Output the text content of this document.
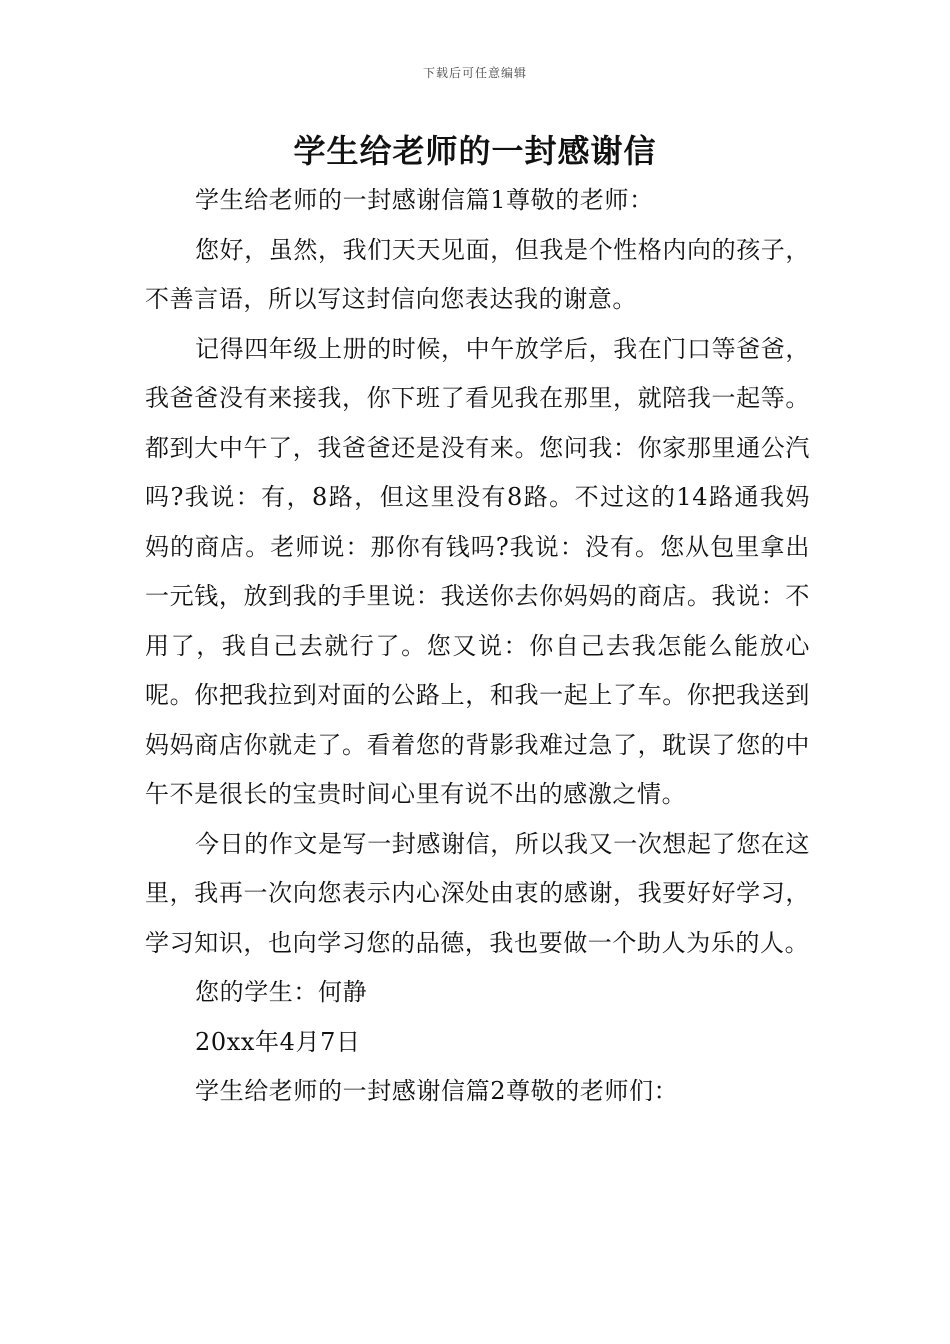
下载后可任意编辑
学生给老师的一封感谢信

学生给老师的一封感谢信篇1尊敬的老师：

您好，虽然，我们天天见面，但我是个性格内向的孩子，不善言语，所以写这封信向您表达我的谢意。

记得四年级上册的时候，中午放学后，我在门口等爸爸，我爸爸没有来接我，你下班了看见我在那里，就陪我一起等。都到大中午了，我爸爸还是没有来。您问我：你家那里通公汽吗?我说：有，8路，但这里没有8路。不过这的14路通我妈妈的商店。老师说：那你有钱吗?我说：没有。您从包里拿出一元钱，放到我的手里说：我送你去你妈妈的商店。我说：不用了，我自己去就行了。您又说：你自己去我怎能么能放心呢。你把我拉到对面的公路上，和我一起上了车。你把我送到妈妈商店你就走了。看着您的背影我难过急了，耽误了您的中午不是很长的宝贵时间心里有说不出的感激之情。

今日的作文是写一封感谢信，所以我又一次想起了您在这里，我再一次向您表示内心深处由衷的感谢，我要好好学习，学习知识，也向学习您的品德，我也要做一个助人为乐的人。

您的学生：何静

20xx年4月7日

学生给老师的一封感谢信篇2尊敬的老师们：
